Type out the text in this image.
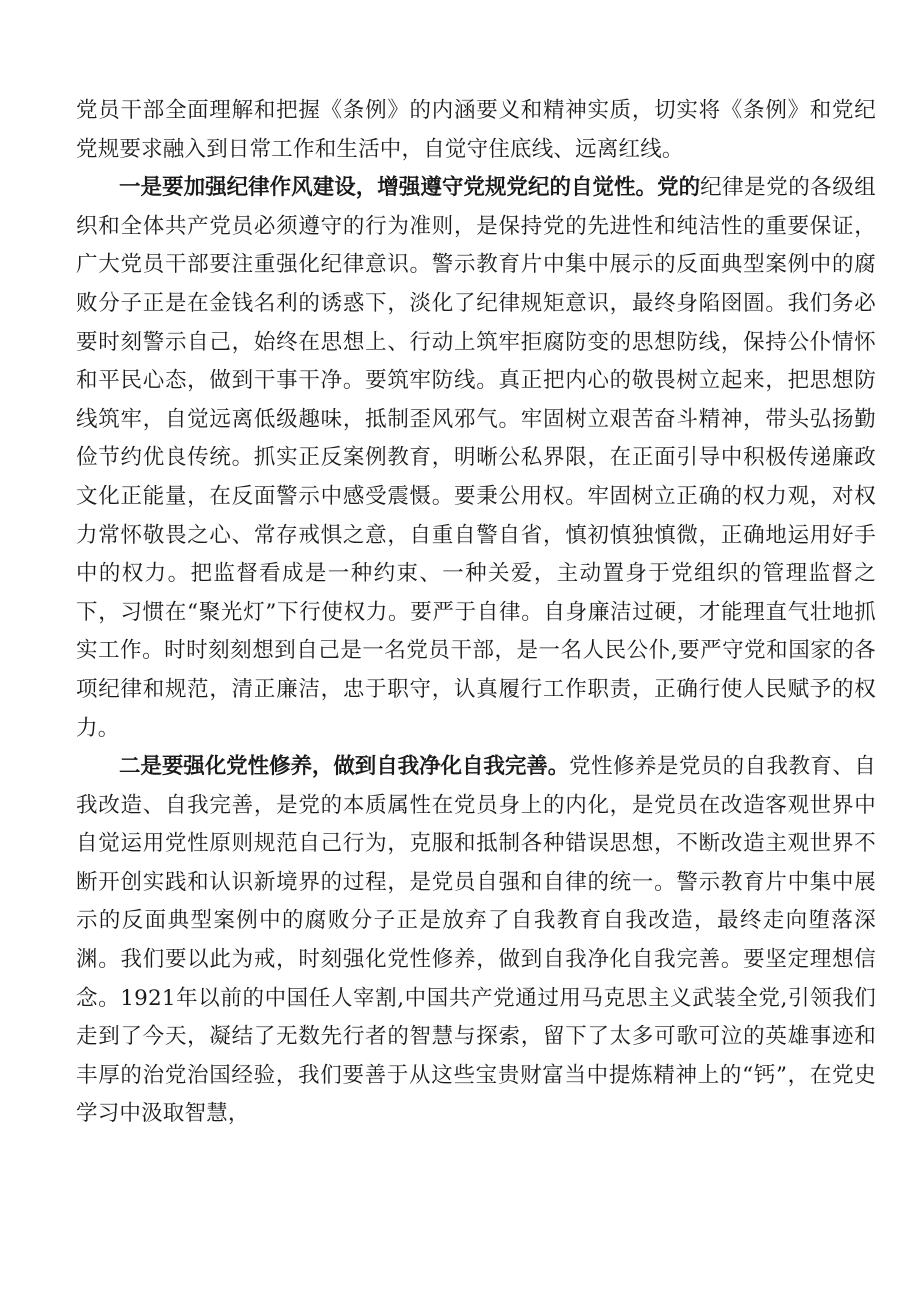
党员干部全面理解和把握《条例》的内涵要义和精神实质，切实将《条例》和党纪党规要求融入到日常工作和生活中，自觉守住底线、远离红线。

一是要加强纪律作风建设，增强遵守党规党纪的自觉性。党的纪律是党的各级组织和全体共产党员必须遵守的行为准则，是保持党的先进性和纯洁性的重要保证，广大党员干部要注重强化纪律意识。警示教育片中集中展示的反面典型案例中的腐败分子正是在金钱名利的诱惑下，淡化了纪律规矩意识，最终身陷囹圄。我们务必要时刻警示自己，始终在思想上、行动上筑牢拒腐防变的思想防线，保持公仆情怀和平民心态，做到干事干净。要筑牢防线。真正把内心的敬畏树立起来，把思想防线筑牢，自觉远离低级趣味，抵制歪风邪气。牢固树立艰苦奋斗精神，带头弘扬勤俭节约优良传统。抓实正反案例教育，明晰公私界限，在正面引导中积极传递廉政文化正能量，在反面警示中感受震慑。要秉公用权。牢固树立正确的权力观，对权力常怀敬畏之心、常存戒惧之意，自重自警自省，慎初慎独慎微，正确地运用好手中的权力。把监督看成是一种约束、一种关爱，主动置身于党组织的管理监督之下，习惯在“聚光灯”下行使权力。要严于自律。自身廉洁过硬，才能理直气壮地抓实工作。时时刻刻想到自己是一名党员干部，是一名人民公仆,要严守党和国家的各项纪律和规范，清正廉洁，忠于职守，认真履行工作职责，正确行使人民赋予的权力。

二是要强化党性修养，做到自我净化自我完善。党性修养是党员的自我教育、自我改造、自我完善，是党的本质属性在党员身上的内化，是党员在改造客观世界中自觉运用党性原则规范自己行为，克服和抵制各种错误思想，不断改造主观世界不断开创实践和认识新境界的过程，是党员自强和自律的统一。警示教育片中集中展示的反面典型案例中的腐败分子正是放弃了自我教育自我改造，最终走向堕落深渊。我们要以此为戒，时刻强化党性修养，做到自我净化自我完善。要坚定理想信念。1921年以前的中国任人宰割,中国共产党通过用马克思主义武装全党,引领我们走到了今天，凝结了无数先行者的智慧与探索，留下了太多可歌可泣的英雄事迹和丰厚的治党治国经验，我们要善于从这些宝贵财富当中提炼精神上的“钙”，在党史学习中汲取智慧，
